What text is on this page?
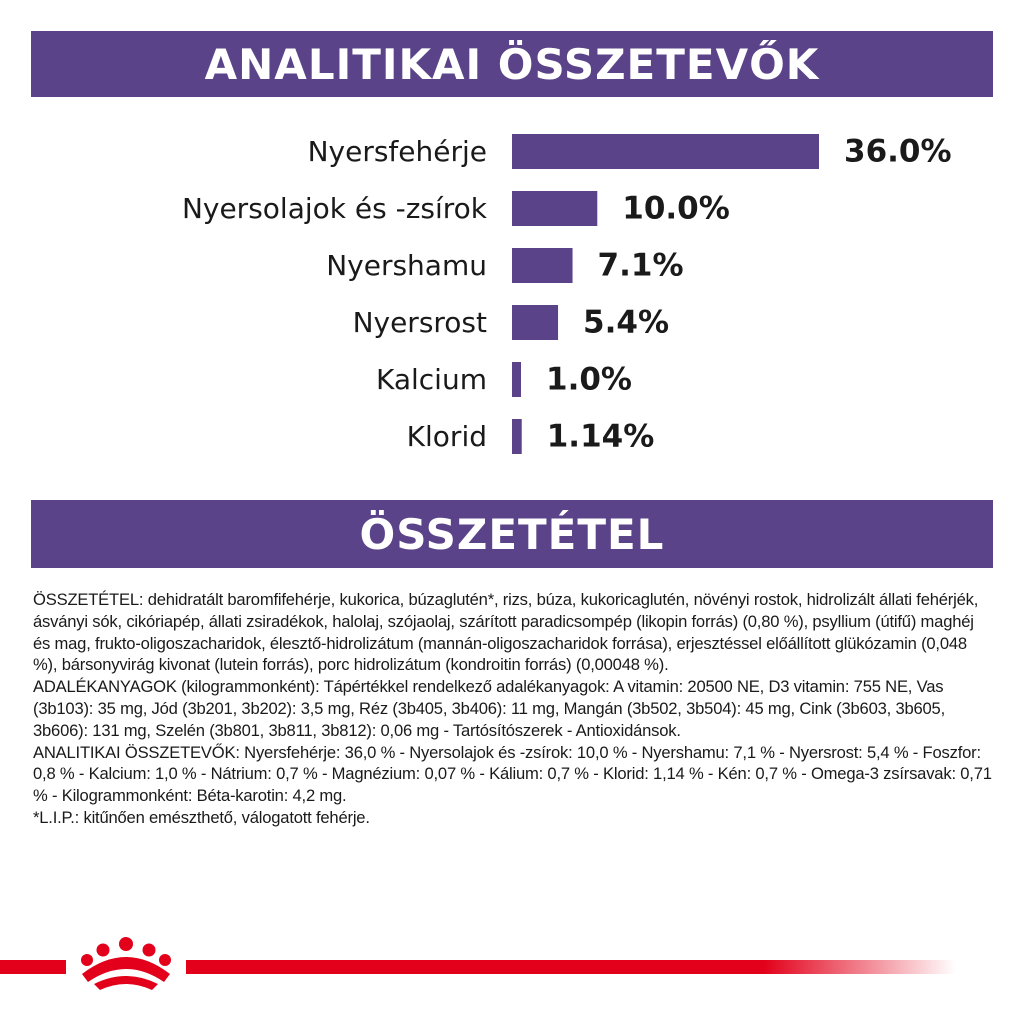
ANALITIKAI ÖSSZETEVŐK
Nyersfehérje	36.0%
Nyersolajok és -zsírok	10.0%
Nyershamu	7.1%
Nyersrost	5.4%
Kalcium 1.0%
Klorid 1.14%
ÖSSZETÉTEL

ÖSSZETÉTEL: dehidratált baromfifehérje, kukorica, búzaglutén*, rizs, búza, kukoricaglutén, növényi rostok, hidrolizált állati fehérjék, ásványi sók, cikóriapép, állati zsiradékok, halolaj, szójaolaj, szárított paradicsompép (likopin forrás) (0,80 %), psyllium (útifű) maghéj és mag, frukto-oligoszacharidok, élesztő-hidrolizátum (mannán-oligoszacharidok forrása), erjesztéssel előállított glükózamin (0,048 %), bársonyvirág kivonat (lutein forrás), porc hidrolizátum (kondroitin forrás) (0,00048 %).

ADALÉKANYAGOK (kilogrammonként): Tápértékkel rendelkező adalékanyagok: A vitamin: 20500 NE, D3 vitamin: 755 NE, Vas (3b103): 35 mg, Jód (3b201, 3b202): 3,5 mg, Réz (3b405, 3b406): 11 mg, Mangán (3b502, 3b504): 45 mg, Cink (3b603, 3b605, 3b606): 131 mg, Szelén (3b801, 3b811, 3b812): 0,06 mg - Tartósítószerek - Antioxidánsok.

ANALITIKAI ÖSSZETEVŐK: Nyersfehérje: 36,0 % - Nyersolajok és -zsírok: 10,0 % - Nyershamu: 7,1 % - Nyersrost: 5,4 % - Foszfor: 0,8 % - Kalcium: 1,0 % - Nátrium: 0,7 % - Magnézium: 0,07 % - Kálium: 0,7 % - Klorid: 1,14 % - Kén: 0,7 % - Omega-3 zsírsavak: 0,71 % - Kilogrammonként: Béta-karotin: 4,2 mg.

*L.I.P.: kitűnően emészthető, válogatott fehérje.
